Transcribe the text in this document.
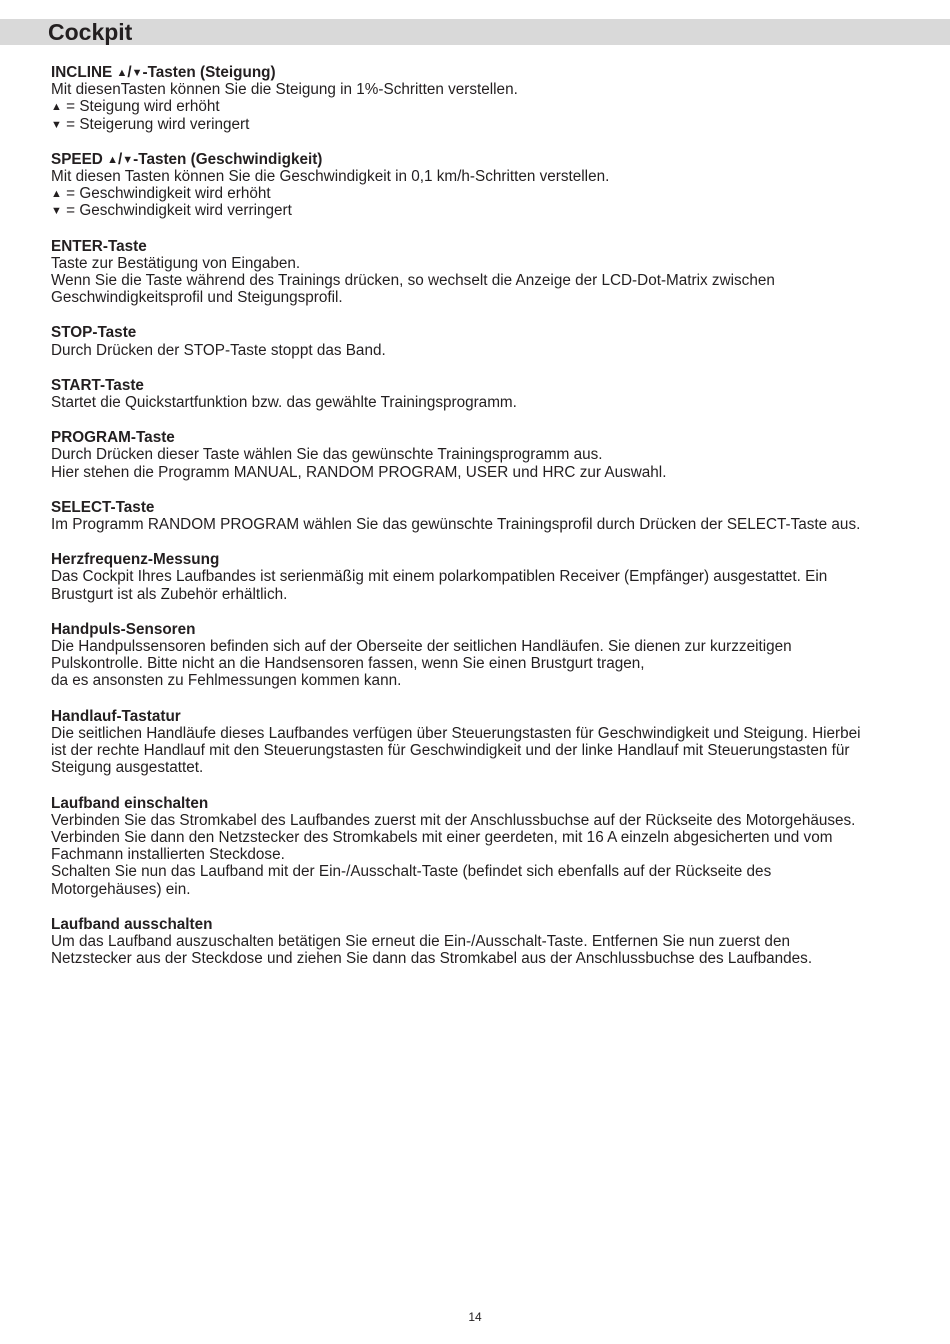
Cockpit
INCLINE ▲/▼-Tasten (Steigung)

Mit diesenTasten können Sie die Steigung in 1%-Schritten verstellen.

▲ = Steigung wird erhöht

▼ = Steigerung wird veringert

SPEED ▲/▼-Tasten (Geschwindigkeit)

Mit diesen Tasten können Sie die Geschwindigkeit in 0,1 km/h-Schritten verstellen.

▲ = Geschwindigkeit wird erhöht

▼ = Geschwindigkeit wird verringert

ENTER-Taste

Taste zur Bestätigung von Eingaben.

Wenn Sie die Taste während des Trainings drücken, so wechselt die Anzeige der LCD-Dot-Matrix zwischen

Geschwindigkeitsprofil und Steigungsprofil.

STOP-Taste

Durch Drücken der STOP-Taste stoppt das Band.

START-Taste

Startet die Quickstartfunktion bzw. das gewählte Trainingsprogramm.

PROGRAM-Taste

Durch Drücken dieser Taste wählen Sie das gewünschte Trainingsprogramm aus.

Hier stehen die Programm MANUAL, RANDOM PROGRAM, USER und HRC zur Auswahl.

SELECT-Taste

Im Programm RANDOM PROGRAM wählen Sie das gewünschte Trainingsprofil durch Drücken der SELECT-Taste aus.

Herzfrequenz-Messung

Das Cockpit Ihres Laufbandes ist serienmäßig mit einem polarkompatiblen Receiver (Empfänger) ausgestattet. Ein

Brustgurt ist als Zubehör erhältlich.

Handpuls-Sensoren

Die Handpulssensoren befinden sich auf der Oberseite der seitlichen Handläufen. Sie dienen zur kurzzeitigen

Pulskontrolle. Bitte nicht an die Handsensoren fassen, wenn Sie einen Brustgurt tragen,

da es ansonsten zu Fehlmessungen kommen kann.

Handlauf-Tastatur

Die seitlichen Handläufe dieses Laufbandes verfügen über Steuerungstasten für Geschwindigkeit und Steigung. Hierbei

ist der rechte Handlauf mit den Steuerungstasten für Geschwindigkeit und der linke Handlauf mit Steuerungstasten für

Steigung ausgestattet.

Laufband einschalten

Verbinden Sie das Stromkabel des Laufbandes zuerst mit der Anschlussbuchse auf der Rückseite des Motorgehäuses.

Verbinden Sie dann den Netzstecker des Stromkabels mit einer geerdeten, mit 16 A einzeln abgesicherten und vom

Fachmann installierten Steckdose.

Schalten Sie nun das Laufband mit der Ein-/Ausschalt-Taste (befindet sich ebenfalls auf der Rückseite des

Motorgehäuses) ein.

Laufband ausschalten

Um das Laufband auszuschalten betätigen Sie erneut die Ein-/Ausschalt-Taste. Entfernen Sie nun zuerst den

Netzstecker aus der Steckdose und ziehen Sie dann das Stromkabel aus der Anschlussbuchse des Laufbandes.

14
